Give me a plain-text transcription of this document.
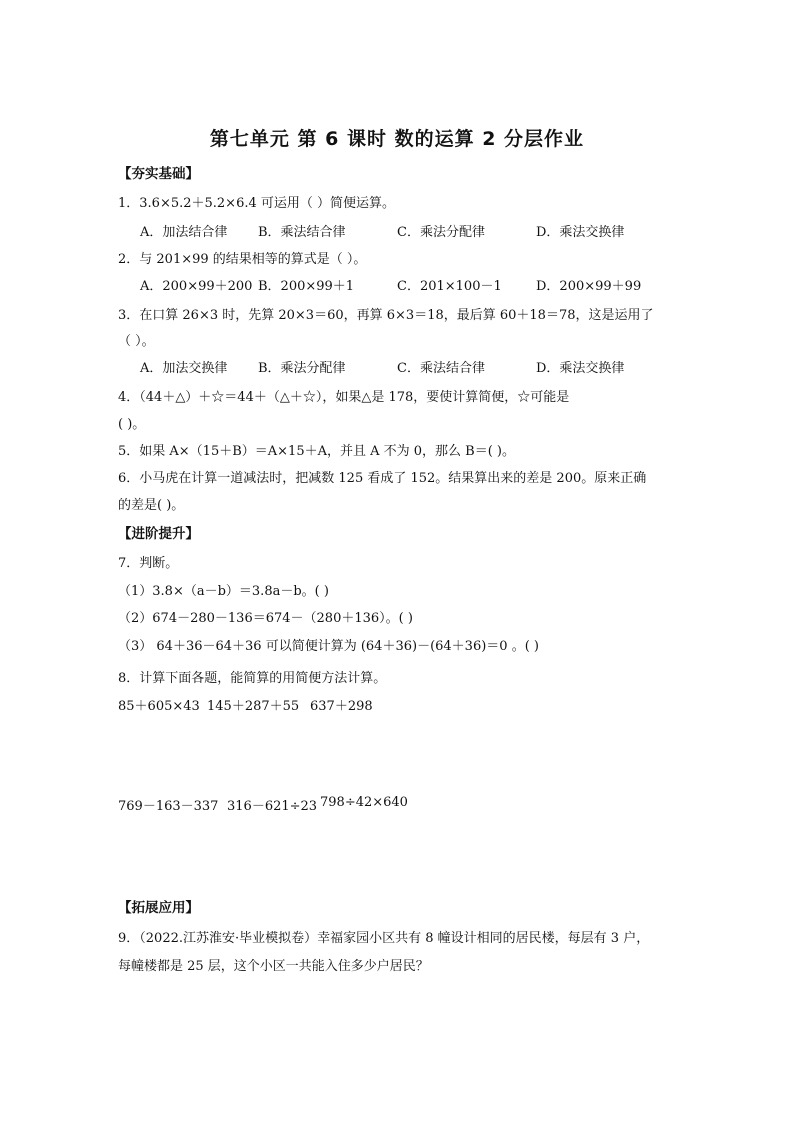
第七单元 第 6 课时 数的运算 2 分层作业
【夯实基础】
1．3.6×5.2＋5.2×6.4 可运用（ ）简便运算。
A．加法结合律 B．乘法结合律	C．乘法分配律	D．乘法交换律
2．与 201×99 的结果相等的算式是（ ）。
A．200×99＋200 B．200×99＋1	C．201×100－1	D．200×99＋99
3．在口算 26×3 时，先算 20×3＝60，再算 6×3＝18，最后算 60＋18＝78，这是运用了
（ ）。
A．加法交换律 B．乘法分配律	C．乘法结合律	D．乘法交换律
4．（44＋△）＋☆＝44＋（△＋☆），如果△是 178，要使计算简便，☆可能是
( )。
5．如果 A×（15＋B）＝A×15＋A，并且 A 不为 0，那么 B＝( )。
6．小马虎在计算一道减法时，把减数 125 看成了 152。结果算出来的差是 200。原来正确
的差是( )。
【进阶提升】
7．判断。
（1）3.8×（a－b）＝3.8a－b。( )
（2）674－280－136＝674－（280＋136）。( )
（3） 64＋36－64＋36 可以简便计算为 (64＋36)－(64＋36)＝0 。( )
8．计算下面各题，能简算的用简便方法计算。
85＋605×43 145＋287＋55 637＋298
769－163－337 316－621÷23 798÷42×640
【拓展应用】
9．（2022.江苏淮安·毕业模拟卷）幸福家园小区共有 8 幢设计相同的居民楼，每层有 3 户，
每幢楼都是 25 层，这个小区一共能入住多少户居民？
